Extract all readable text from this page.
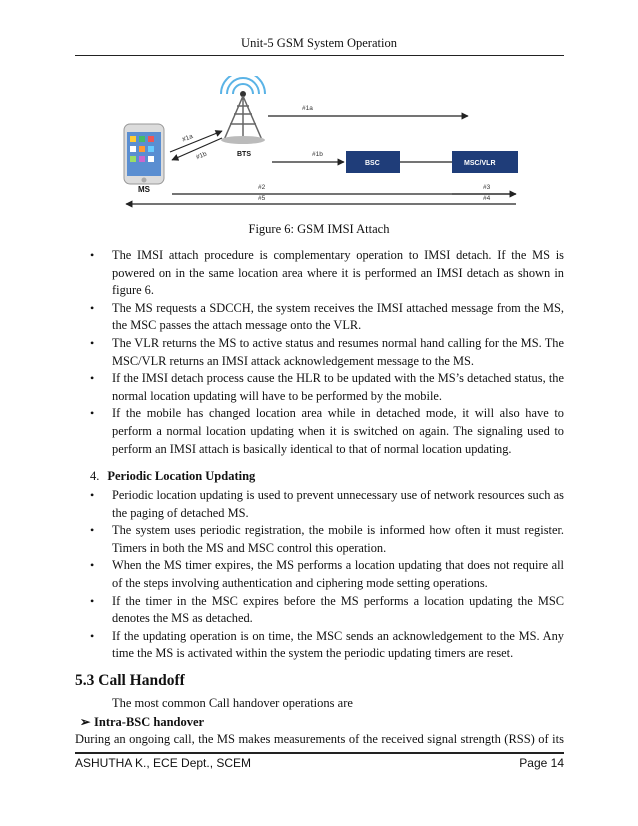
Unit-5 GSM System Operation
MS
BTS
#1a
#1b
#1a
#1b
BSC	MSC/VLR
#2	#3
#5	#4
Figure 6: GSM IMSI Attach
• The IMSI attach procedure is complementary operation to IMSI detach. If the MS is powered on in the same location area where it is performed an IMSI detach as shown in figure 6.
• The MS requests a SDCCH, the system receives the IMSI attached message from the MS, the MSC passes the attach message onto the VLR.
• The VLR returns the MS to active status and resumes normal hand calling for the MS. The MSC/VLR returns an IMSI attack acknowledgement message to the MS.
• If the IMSI detach process cause the HLR to be updated with the MS’s detached status, the normal location updating will have to be performed by the mobile.
• If the mobile has changed location area while in detached mode, it will also have to perform a normal location updating when it is switched on again. The signaling used to perform an IMSI attach is basically identical to that of normal location updating.
4. Periodic Location Updating
• Periodic location updating is used to prevent unnecessary use of network resources such as the paging of detached MS.
• The system uses periodic registration, the mobile is informed how often it must register. Timers in both the MS and MSC control this operation.
• When the MS timer expires, the MS performs a location updating that does not require all of the steps involving authentication and ciphering mode setting operations.
• If the timer in the MSC expires before the MS performs a location updating the MSC denotes the MS as detached.
• If the updating operation is on time, the MSC sends an acknowledgement to the MS. Any time the MS is activated within the system the periodic updating timers are reset.
5.3 Call Handoff
The most common Call handover operations are
➢ Intra-BSC handover
During an ongoing call, the MS makes measurements of the received signal strength (RSS) of its
ASHUTHA K., ECE Dept., SCEM	Page 14
